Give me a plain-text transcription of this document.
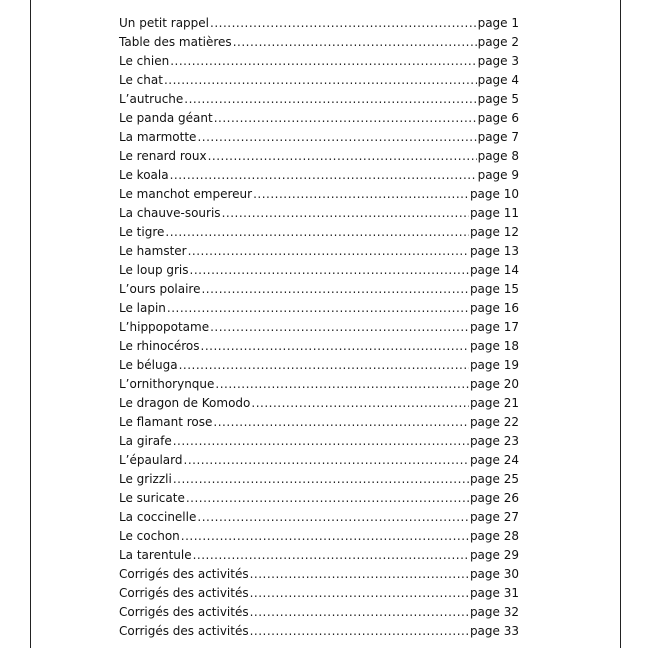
Un petit rappel .....	page 1
Table des matières .....	page 2
Le chien .....	page 3
Le chat .....	page 4
L’autruche .....	page 5
Le panda géant .....	page 6
La marmotte .....	page 7
Le renard roux .....	page 8
Le koala .....	page 9
Le manchot empereur .....	page 10
La chauve-souris .....	page 11
Le tigre .....	page 12
Le hamster .....	page 13
Le loup gris .....	page 14
L’ours polaire .....	page 15
Le lapin .....	page 16
L’hippopotame .....	page 17
Le rhinocéros .....	page 18
Le béluga .....	page 19
L’ornithorynque .....	page 20
Le dragon de Komodo .....	page 21
Le flamant rose .....	page 22
La girafe .....	page 23
L’épaulard .....	page 24
Le grizzli .....	page 25
Le suricate .....	page 26
La coccinelle .....	page 27
Le cochon .....	page 28
La tarentule .....	page 29
Corrigés des activités .....	page 30
Corrigés des activités .....	page 31
Corrigés des activités .....	page 32
Corrigés des activités .....	page 33
